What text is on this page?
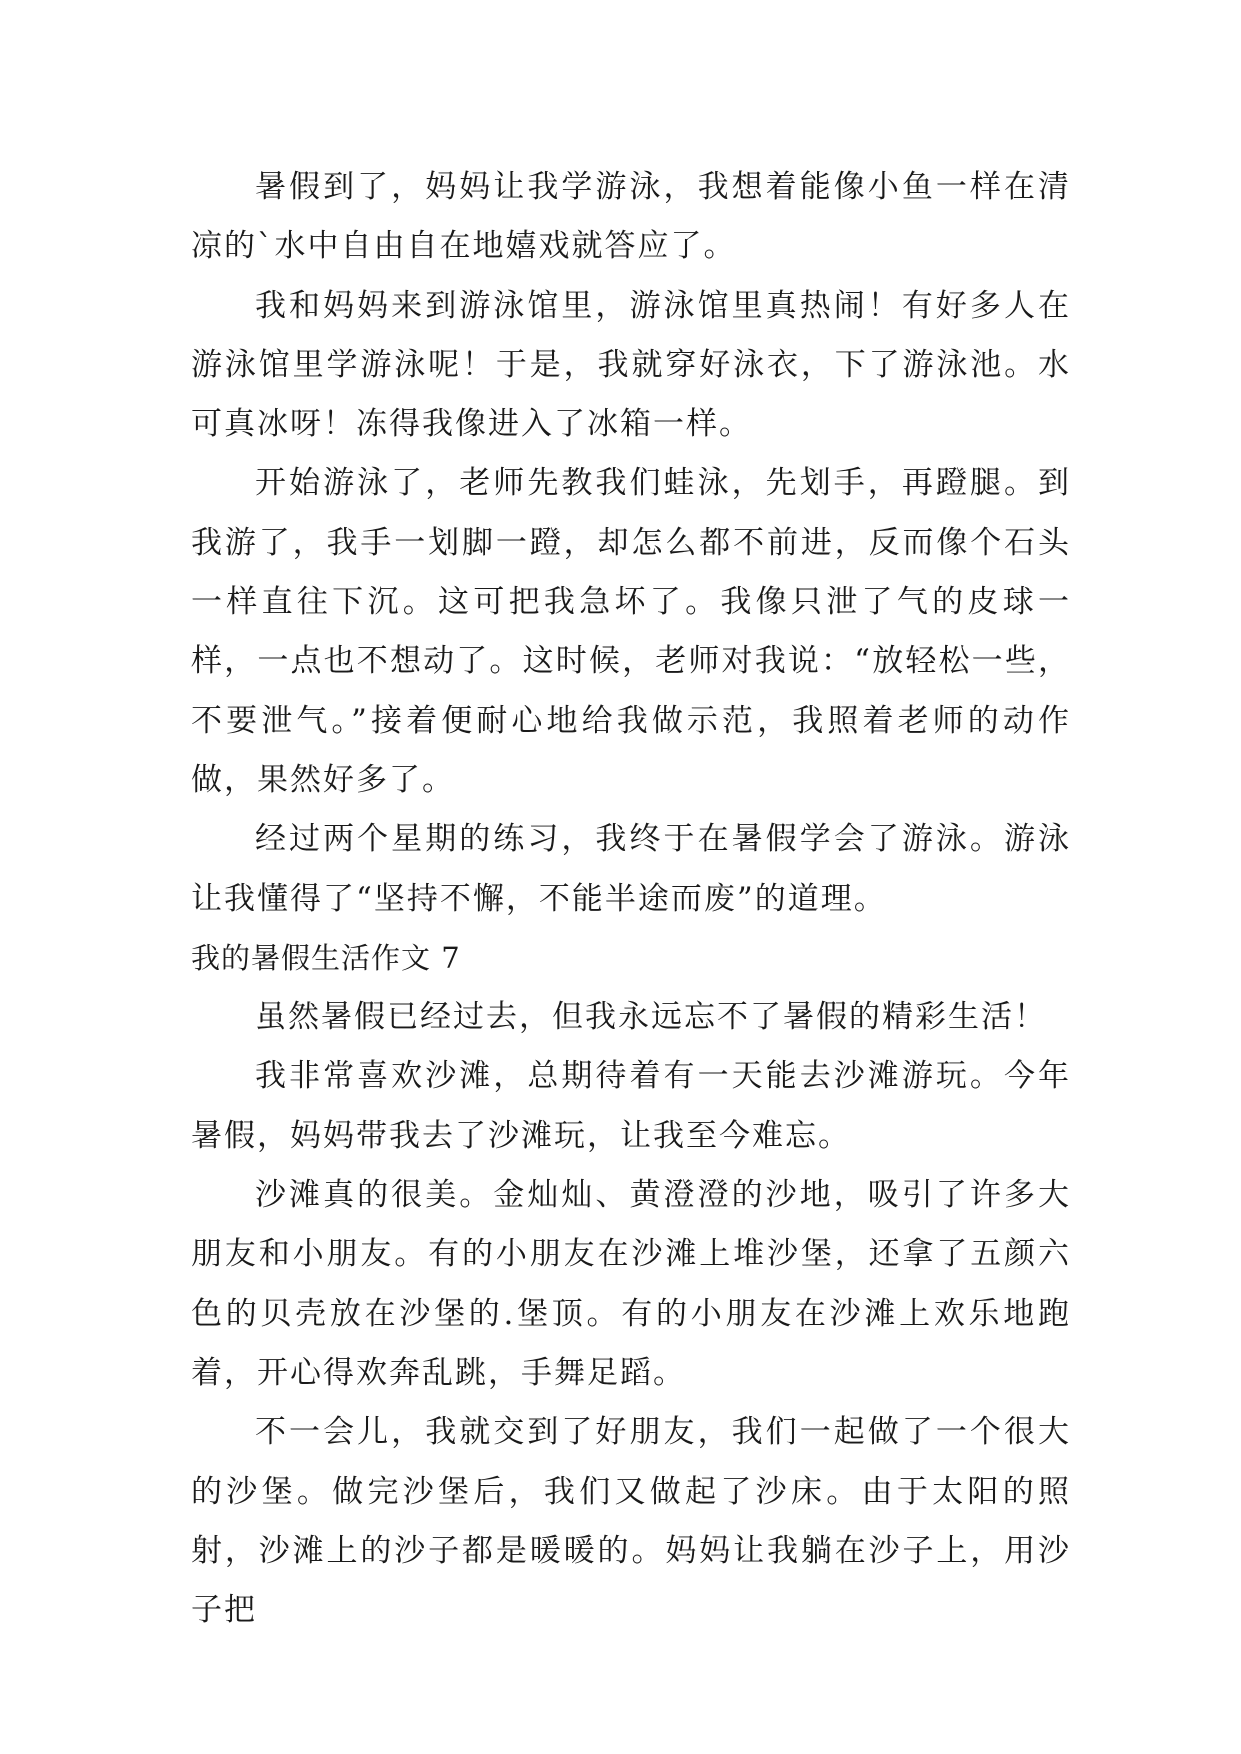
暑假到了，妈妈让我学游泳，我想着能像小鱼一样在清凉的`水中自由自在地嬉戏就答应了。

我和妈妈来到游泳馆里，游泳馆里真热闹！有好多人在游泳馆里学游泳呢！于是，我就穿好泳衣，下了游泳池。水可真冰呀！冻得我像进入了冰箱一样。

开始游泳了，老师先教我们蛙泳，先划手，再蹬腿。到我游了，我手一划脚一蹬，却怎么都不前进，反而像个石头一样直往下沉。这可把我急坏了。我像只泄了气的皮球一样，一点也不想动了。这时候，老师对我说：“放轻松一些，不要泄气。”接着便耐心地给我做示范，我照着老师的动作做，果然好多了。

经过两个星期的练习，我终于在暑假学会了游泳。游泳让我懂得了“坚持不懈，不能半途而废”的道理。

我的暑假生活作文 7

虽然暑假已经过去，但我永远忘不了暑假的精彩生活！

我非常喜欢沙滩，总期待着有一天能去沙滩游玩。今年暑假，妈妈带我去了沙滩玩，让我至今难忘。

沙滩真的很美。金灿灿、黄澄澄的沙地，吸引了许多大朋友和小朋友。有的小朋友在沙滩上堆沙堡，还拿了五颜六色的贝壳放在沙堡的.堡顶。有的小朋友在沙滩上欢乐地跑着，开心得欢奔乱跳，手舞足蹈。

不一会儿，我就交到了好朋友，我们一起做了一个很大的沙堡。做完沙堡后，我们又做起了沙床。由于太阳的照射，沙滩上的沙子都是暖暖的。妈妈让我躺在沙子上，用沙子把
